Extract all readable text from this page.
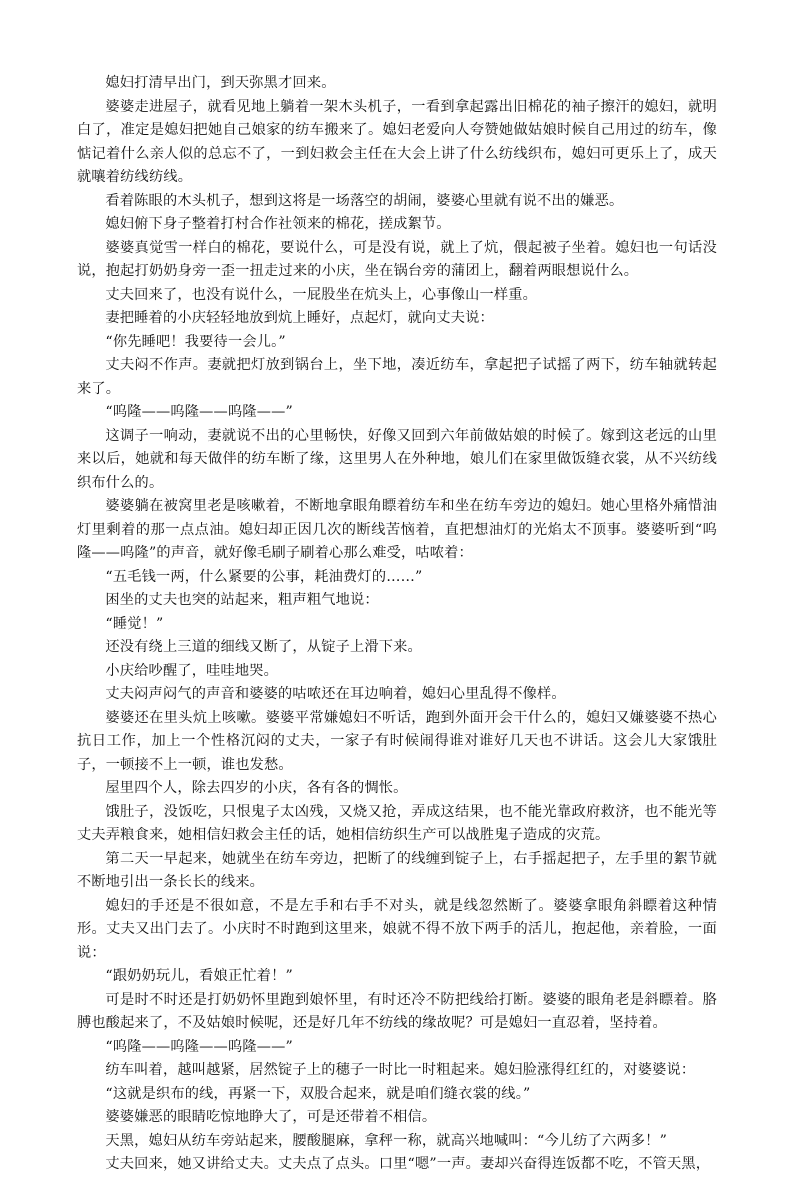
媳妇打清早出门，到天弥黑才回来。

婆婆走进屋子，就看见地上躺着一架木头机子，一看到拿起露出旧棉花的袖子擦汗的媳妇，就明白了，准定是媳妇把她自己娘家的纺车搬来了。媳妇老爱向人夸赞她做姑娘时候自己用过的纺车，像惦记着什么亲人似的总忘不了，一到妇救会主任在大会上讲了什么纺线织布，媳妇可更乐上了，成天就嚷着纺线纺线。

看着陈眼的木头机子，想到这将是一场落空的胡闹，婆婆心里就有说不出的嫌恶。

媳妇俯下身子整着打村合作社领来的棉花，搓成絮节。

婆婆真觉雪一样白的棉花，要说什么，可是没有说，就上了炕，偎起被子坐着。媳妇也一句话没说，抱起打奶奶身旁一歪一扭走过来的小庆，坐在锅台旁的蒲团上，翻着两眼想说什么。

丈夫回来了，也没有说什么，一屁股坐在炕头上，心事像山一样重。

妻把睡着的小庆轻轻地放到炕上睡好，点起灯，就向丈夫说：

“你先睡吧！我要待一会儿。”

丈夫闷不作声。妻就把灯放到锅台上，坐下地，凑近纺车，拿起把子试摇了两下，纺车轴就转起来了。

“呜隆——呜隆——呜隆——”

这调子一响动，妻就说不出的心里畅快，好像又回到六年前做姑娘的时候了。嫁到这老远的山里来以后，她就和每天做伴的纺车断了缘，这里男人在外种地，娘儿们在家里做饭缝衣裳，从不兴纺线织布什么的。

婆婆躺在被窝里老是咳嗽着，不断地拿眼角瞟着纺车和坐在纺车旁边的媳妇。她心里格外痛惜油灯里剩着的那一点点油。媳妇却正因几次的断线苦恼着，直把想油灯的光焰太不顶事。婆婆听到“呜隆——呜隆”的声音，就好像毛刷子刷着心那么难受，咕哝着：

“五毛钱一两，什么紧要的公事，耗油费灯的……”

困坐的丈夫也突的站起来，粗声粗气地说：

“睡觉！”

还没有绕上三道的细线又断了，从锭子上滑下来。

小庆给吵醒了，哇哇地哭。

丈夫闷声闷气的声音和婆婆的咕哝还在耳边响着，媳妇心里乱得不像样。

婆婆还在里头炕上咳嗽。婆婆平常嫌媳妇不听话，跑到外面开会干什么的，媳妇又嫌婆婆不热心抗日工作，加上一个性格沉闷的丈夫，一家子有时候闹得谁对谁好几天也不讲话。这会儿大家饿肚子，一顿接不上一顿，谁也发愁。

屋里四个人，除去四岁的小庆，各有各的惆怅。

饿肚子，没饭吃，只恨鬼子太凶残，又烧又抢，弄成这结果，也不能光靠政府救济，也不能光等丈夫弄粮食来，她相信妇救会主任的话，她相信纺织生产可以战胜鬼子造成的灾荒。

第二天一早起来，她就坐在纺车旁边，把断了的线缠到锭子上，右手摇起把子，左手里的絮节就不断地引出一条长长的线来。

媳妇的手还是不很如意，不是左手和右手不对头，就是线忽然断了。婆婆拿眼角斜瞟着这种情形。丈夫又出门去了。小庆时不时跑到这里来，娘就不得不放下两手的活儿，抱起他，亲着脸，一面说：

“跟奶奶玩儿，看娘正忙着！”

可是时不时还是打奶奶怀里跑到娘怀里，有时还冷不防把线给打断。婆婆的眼角老是斜瞟着。胳膊也酸起来了，不及姑娘时候呢，还是好几年不纺线的缘故呢？可是媳妇一直忍着，坚持着。

“呜隆——呜隆——呜隆——”

纺车叫着，越叫越紧，居然锭子上的穗子一时比一时粗起来。媳妇脸涨得红红的，对婆婆说：

“这就是织布的线，再紧一下，双股合起来，就是咱们缝衣裳的线。”

婆婆嫌恶的眼睛吃惊地睁大了，可是还带着不相信。

天黑，媳妇从纺车旁站起来，腰酸腿麻，拿秤一称，就高兴地喊叫：“今儿纺了六两多！”

丈夫回来，她又讲给丈夫。丈夫点了点头。口里“嗯”一声。妻却兴奋得连饭都不吃，不管天黑，
